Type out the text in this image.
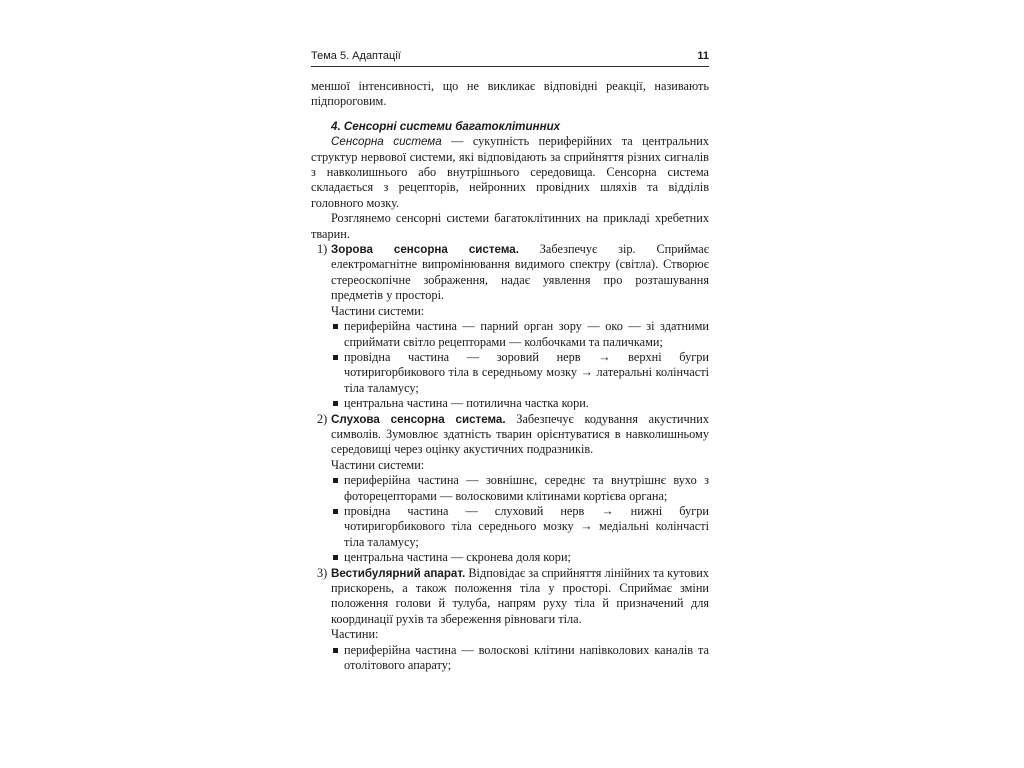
Тема 5. Адаптації	11

меншої інтенсивності, що не викликає відповідні реакції, називають підпороговим.

4. Сенсорні системи багатоклітинних

Сенсорна система — сукупність периферійних та центральних структур нервової системи, які відповідають за сприйняття різних сигналів з навколишнього або внутрішнього середовища. Сенсорна система складається з рецепторів, нейронних провідних шляхів та відділів головного мозку.

Розглянемо сенсорні системи багатоклітинних на прикладі хребетних тварин.

1) Зорова сенсорна система. Забезпечує зір. Сприймає електромагнітне випромінювання видимого спектру (світла). Створює стереоскопічне зображення, надає уявлення про розташування предметів у просторі.

Частини системи:

периферійна частина — парний орган зору — око — зі здатними сприймати світло рецепторами — колбочками та паличками;
провідна частина — зоровий нерв → верхні бугри чотиригорбикового тіла в середньому мозку → латеральні колінчасті тіла таламусу;
центральна частина — потилична частка кори.

2) Слухова сенсорна система. Забезпечує кодування акустичних символів. Зумовлює здатність тварин орієнтуватися в навколишньому середовищі через оцінку акустичних подразників.

Частини системи:

периферійна частина — зовнішнє, середнє та внутрішнє вухо з фоторецепторами — волосковими клітинами кортієва органа;
провідна частина — слуховий нерв → нижні бугри чотиригорбикового тіла середнього мозку → медіальні колінчасті тіла таламусу;
центральна частина — скронева доля кори;

3) Вестибулярний апарат. Відповідає за сприйняття лінійних та кутових прискорень, а також положення тіла у просторі. Сприймає зміни положення голови й тулуба, напрям руху тіла й призначений для координації рухів та збереження рівноваги тіла.

Частини:

периферійна частина — волоскові клітини напівколових каналів та отолітового апарату;
